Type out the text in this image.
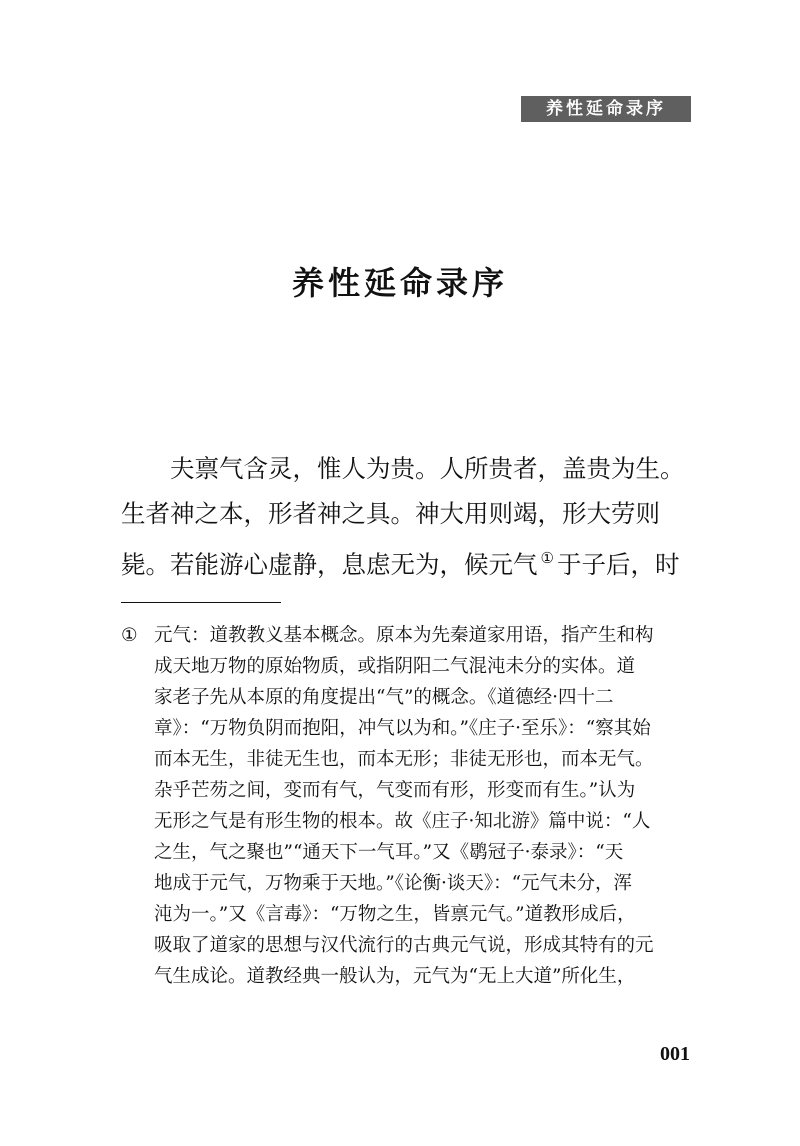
养性延命录序
养性延命录序
夫禀气含灵，惟人为贵。人所贵者，盖贵为生。
生者神之本，形者神之具。神大用则竭，形大劳则
毙。若能游心虚静，息虑无为，候元气 ① 于子后，时
① 元气：道教教义基本概念。原本为先秦道家用语，指产生和构
成天地万物的原始物质，或指阴阳二气混沌未分的实体。道
家老子先从本原的角度提出“气”的概念。《道德经·四十二
章》：“万物负阴而抱阳，冲气以为和。”《庄子·至乐》：“察其始
而本无生，非徒无生也，而本无形；非徒无形也，而本无气。
杂乎芒芴之间，变而有气，气变而有形，形变而有生。”认为
无形之气是有形生物的根本。故《庄子·知北游》篇中说：“人
之生，气之聚也”“通天下一气耳。”又《鹖冠子·泰录》：“天
地成于元气，万物乘于天地。”《论衡·谈天》：“元气未分，浑
沌为一。”又《言毒》：“万物之生，皆禀元气。”道教形成后，
吸取了道家的思想与汉代流行的古典元气说，形成其特有的元
气生成论。道教经典一般认为，元气为“无上大道”所化生，
001
